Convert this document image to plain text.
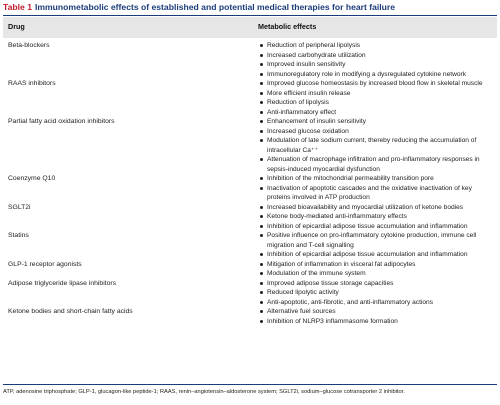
Table 1 Immunometabolic effects of established and potential medical therapies for heart failure
Drug	Metabolic effects
Beta-blockers	Reduction of peripheral lipolysis
Increased carbohydrate utilization
Improved insulin sensitivity
Immunoregulatory role in modifying a dysregulated cytokine network
RAAS inhibitors	Improved glucose homeostasis by increased blood flow in skeletal muscle
More efficient insulin release
Reduction of lipolysis
Anti-inflammatory effect
Partial fatty acid oxidation inhibitors	Enhancement of insulin sensitivity
Increased glucose oxidation
Modulation of late sodium current, thereby reducing the accumulation of intracellular Ca⁺⁺
Attenuation of macrophage infiltration and pro-inflammatory responses in sepsis-induced myocardial dysfunction
Coenzyme Q10	Inhibition of the mitochondrial permeability transition pore
Inactivation of apoptotic cascades and the oxidative inactivation of key proteins involved in ATP production
SGLT2i	Increased bioavailability and myocardial utilization of ketone bodies
Ketone body-mediated anti-inflammatory effects
Inhibition of epicardial adipose tissue accumulation and inflammation
Statins	Positive influence on pro-inflammatory cytokine production, immune cell migration and T-cell signalling
Inhibition of epicardial adipose tissue accumulation and inflammation
GLP-1 receptor agonists	Mitigation of inflammation in visceral fat adipocytes
Modulation of the immune system
Adipose triglyceride lipase inhibitors	Improved adipose tissue storage capacities
Reduced lipolytic activity
Anti-apoptotic, anti-fibrotic, and anti-inflammatory actions
Ketone bodies and short-chain fatty acids	Alternative fuel sources
Inhibition of NLRP3 inflammasome formation
ATP, adenosine triphosphate; GLP-1, glucagon-like peptide-1; RAAS, renin–angiotensin–aldosterone system; SGLT2i, sodium–glucose cotransporter 2 inhibitor.
